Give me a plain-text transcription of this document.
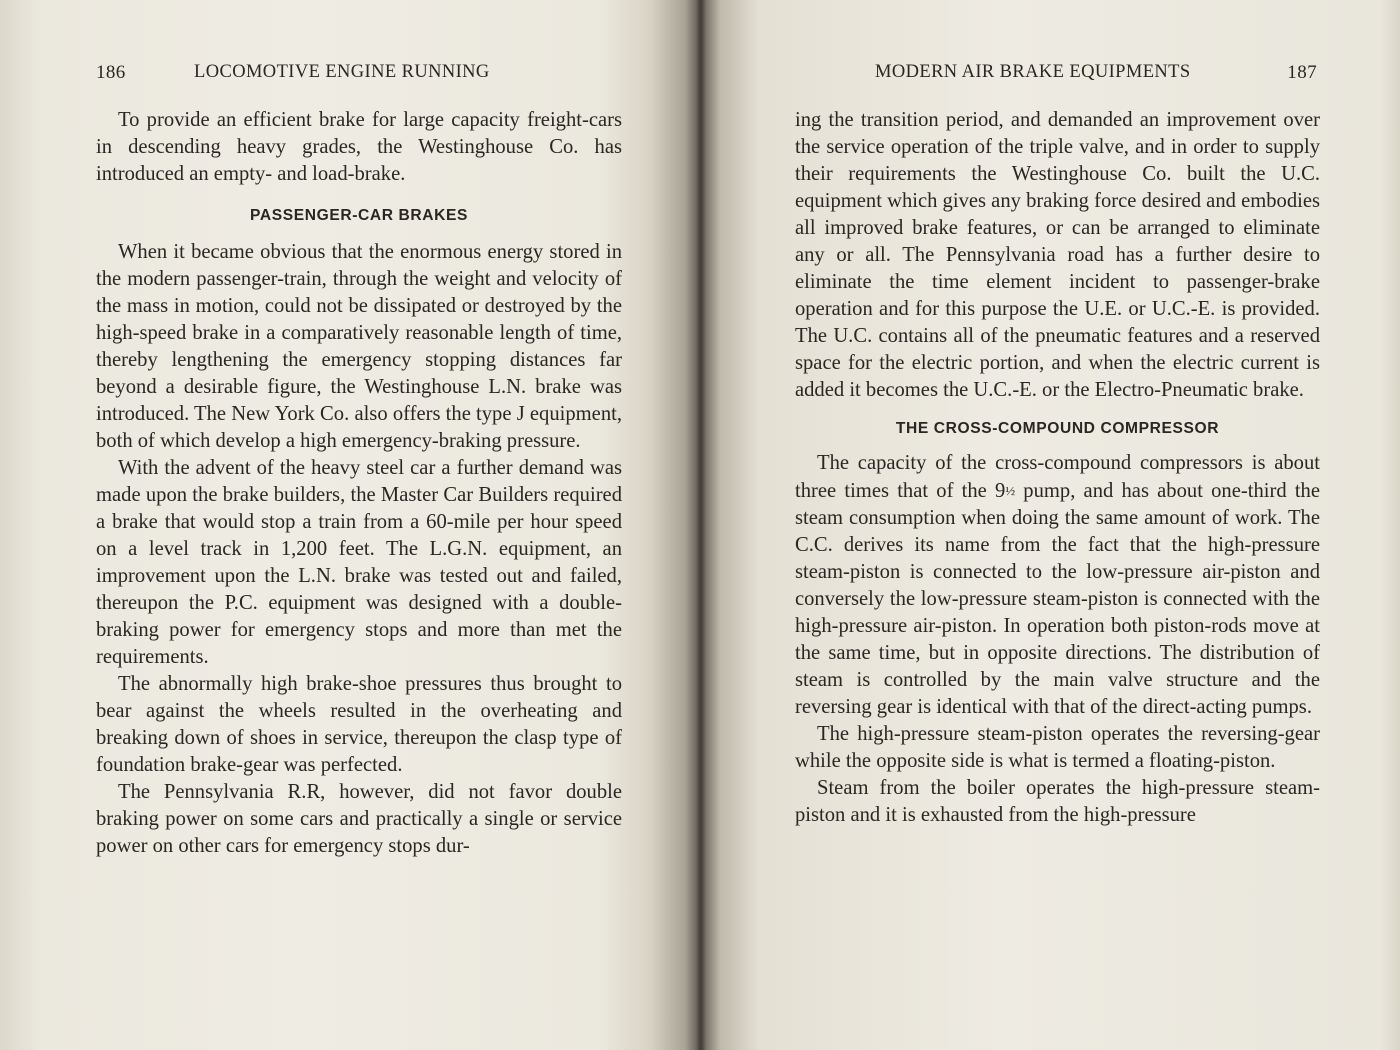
186	LOCOMOTIVE ENGINE RUNNING

To provide an efficient brake for large capacity freight-cars in descending heavy grades, the Westinghouse Co. has introduced an empty- and load-brake.

PASSENGER-CAR BRAKES

When it became obvious that the enormous energy stored in the modern passenger-train, through the weight and velocity of the mass in motion, could not be dissipated or destroyed by the high-speed brake in a comparatively reasonable length of time, thereby lengthening the emergency stopping distances far beyond a desirable figure, the Westinghouse L.N. brake was introduced. The New York Co. also offers the type J equipment, both of which develop a high emergency-braking pressure.

With the advent of the heavy steel car a further demand was made upon the brake builders, the Master Car Builders required a brake that would stop a train from a 60-mile per hour speed on a level track in 1,200 feet. The L.G.N. equipment, an improvement upon the L.N. brake was tested out and failed, thereupon the P.C. equipment was designed with a double-braking power for emergency stops and more than met the requirements.

The abnormally high brake-shoe pressures thus brought to bear against the wheels resulted in the overheating and breaking down of shoes in service, thereupon the clasp type of foundation brake-gear was perfected.

The Pennsylvania R.R, however, did not favor double braking power on some cars and practically a single or service power on other cars for emergency stops dur-

MODERN AIR BRAKE EQUIPMENTS	187

ing the transition period, and demanded an improvement over the service operation of the triple valve, and in order to supply their requirements the Westinghouse Co. built the U.C. equipment which gives any braking force desired and embodies all improved brake features, or can be arranged to eliminate any or all. The Pennsylvania road has a further desire to eliminate the time element incident to passenger-brake operation and for this purpose the U.E. or U.C.-E. is provided. The U.C. contains all of the pneumatic features and a reserved space for the electric portion, and when the electric current is added it becomes the U.C.-E. or the Electro-Pneumatic brake.

THE CROSS-COMPOUND COMPRESSOR

The capacity of the cross-compound compressors is about three times that of the 9½ pump, and has about one-third the steam consumption when doing the same amount of work. The C.C. derives its name from the fact that the high-pressure steam-piston is connected to the low-pressure air-piston and conversely the low-pressure steam-piston is connected with the high-pressure air-piston. In operation both piston-rods move at the same time, but in opposite directions. The distribution of steam is controlled by the main valve structure and the reversing gear is identical with that of the direct-acting pumps.

The high-pressure steam-piston operates the reversing-gear while the opposite side is what is termed a floating-piston.

Steam from the boiler operates the high-pressure steam-piston and it is exhausted from the high-pressure
